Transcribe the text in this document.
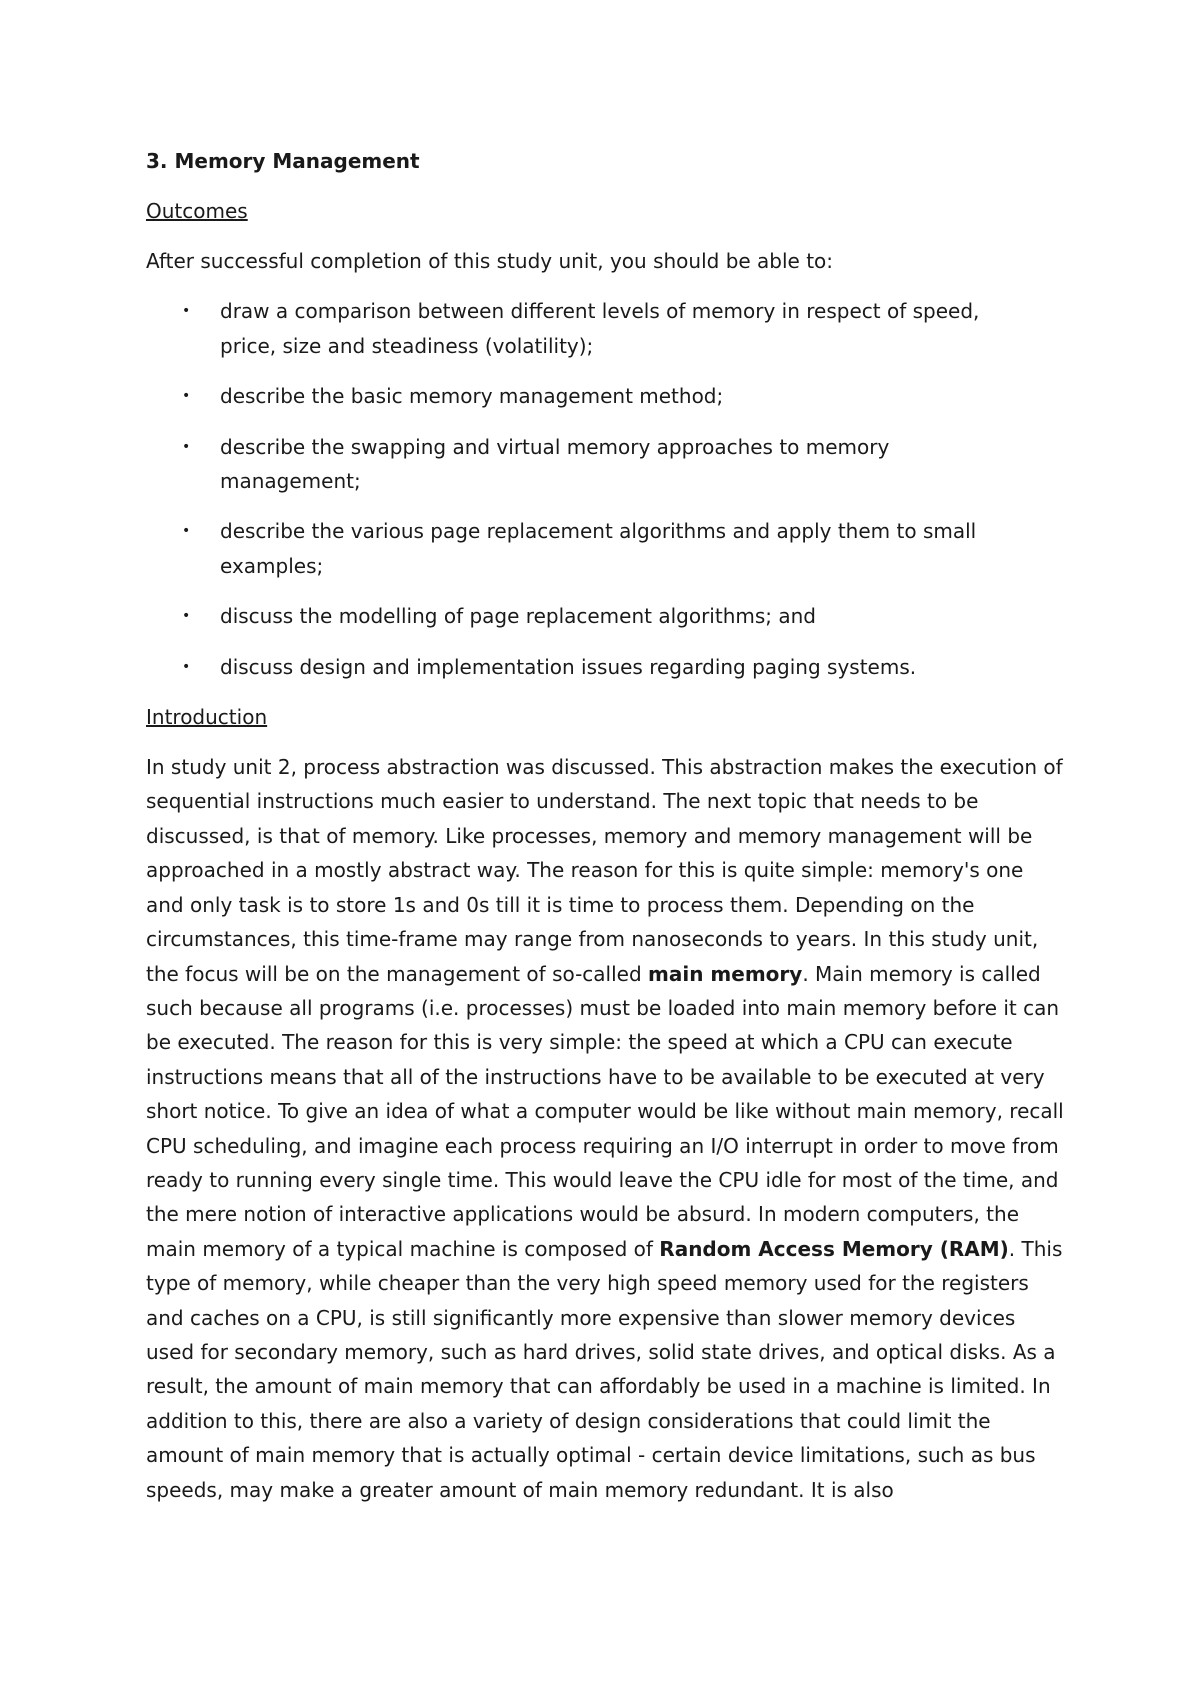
3. Memory Management
Outcomes

After successful completion of this study unit, you should be able to:

• draw a comparison between different levels of memory in respect of speed, price, size and steadiness (volatility);
• describe the basic memory management method;
• describe the swapping and virtual memory approaches to memory management;
• describe the various page replacement algorithms and apply them to small examples;
• discuss the modelling of page replacement algorithms; and
• discuss design and implementation issues regarding paging systems.
Introduction

In study unit 2, process abstraction was discussed. This abstraction makes the execution of sequential instructions much easier to understand. The next topic that needs to be discussed, is that of memory. Like processes, memory and memory management will be approached in a mostly abstract way. The reason for this is quite simple: memory's one and only task is to store 1s and 0s till it is time to process them. Depending on the circumstances, this time-frame may range from nanoseconds to years. In this study unit, the focus will be on the management of so-called main memory. Main memory is called such because all programs (i.e. processes) must be loaded into main memory before it can be executed. The reason for this is very simple: the speed at which a CPU can execute instructions means that all of the instructions have to be available to be executed at very short notice. To give an idea of what a computer would be like without main memory, recall CPU scheduling, and imagine each process requiring an I/O interrupt in order to move from ready to running every single time. This would leave the CPU idle for most of the time, and the mere notion of interactive applications would be absurd. In modern computers, the main memory of a typical machine is composed of Random Access Memory (RAM). This type of memory, while cheaper than the very high speed memory used for the registers and caches on a CPU, is still significantly more expensive than slower memory devices used for secondary memory, such as hard drives, solid state drives, and optical disks. As a result, the amount of main memory that can affordably be used in a machine is limited. In addition to this, there are also a variety of design considerations that could limit the amount of main memory that is actually optimal - certain device limitations, such as bus speeds, may make a greater amount of main memory redundant. It is also
